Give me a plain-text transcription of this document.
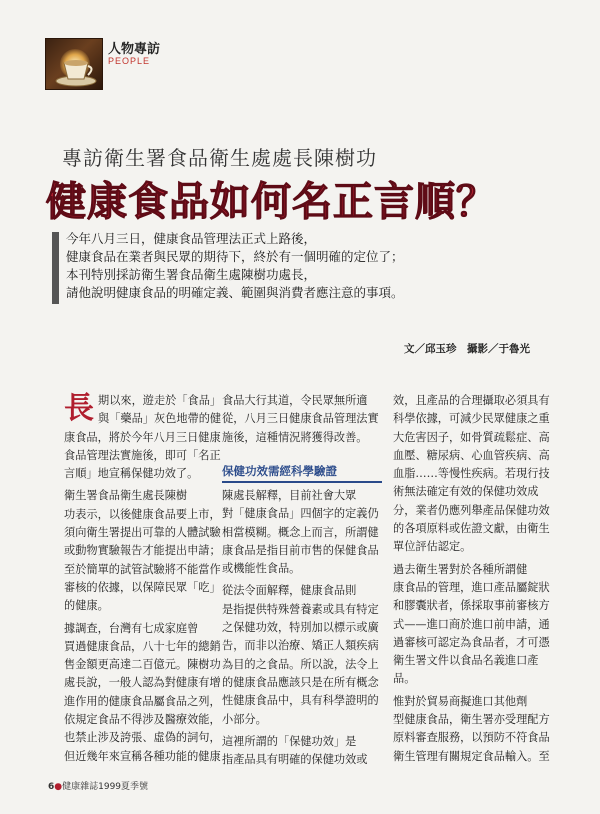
人物專訪
PEOPLE
專訪衛生署食品衛生處處長陳樹功
健康食品如何名正言順？
今年八月三日，健康食品管理法正式上路後，
健康食品在業者與民眾的期待下，終於有一個明確的定位了；
本刊特別採訪衛生署食品衛生處陳樹功處長，
請他說明健康食品的明確定義、範圍與消費者應注意的事項。
文／邱玉珍　攝影／于魯光
長 期以來，遊走於「食品」
與「藥品」灰色地帶的健
康食品，將於今年八月三日健康
食品管理法實施後，即可「名正
言順」地宣稱保健功效了。
衛生署食品衛生處長陳樹
功表示，以後健康食品要上市，
須向衛生署提出可靠的人體試驗
或動物實驗報告才能提出申請；
至於簡單的試管試驗將不能當作
審核的依據，以保障民眾「吃」
的健康。
據調查，台灣有七成家庭曾
買過健康食品，八十七年的總銷
售金額更高達二百億元。陳樹功
處長說，一般人認為對健康有增
進作用的健康食品屬食品之列，
依規定食品不得涉及醫療效能，
也禁止涉及誇張、虛偽的詞句，
但近幾年來宣稱各種功能的健康
食品大行其道，令民眾無所適
從，八月三日健康食品管理法實
施後，這種情況將獲得改善。
保健功效需經科學驗證
陳處長解釋，目前社會大眾
對「健康食品」四個字的定義仍
相當模糊。概念上而言，所謂健
康食品是指目前市售的保健食品
或機能性食品。
從法令面解釋，健康食品則
是指提供特殊營養素或具有特定
之保健功效，特別加以標示或廣
告，而非以治療、矯正人類疾病
為目的之食品。所以說，法令上
的健康食品應該只是在所有概念
性健康食品中，具有科學證明的
小部分。
這裡所謂的「保健功效」是
指產品具有明確的保健功效或
效，且產品的合理攝取必須具有
科學依據，可減少民眾健康之重
大危害因子，如骨質疏鬆症、高
血壓、糖尿病、心血管疾病、高
血脂……等慢性疾病。若現行技
術無法確定有效的保健功效成
分，業者仍應列舉產品保健功效
的各項原料或佐證文獻，由衛生
單位評估認定。
過去衛生署對於各種所謂健
康食品的管理，進口產品屬錠狀
和膠囊狀者，係採取事前審核方
式——進口商於進口前申請，通
過審核可認定為食品者，才可憑
衛生署文件以食品名義進口產
品。
惟對於貿易商擬進口其他劑
型健康食品，衛生署亦受理配方
原料審查服務，以預防不符食品
衛生管理有關規定食品輸入。至
6●健康雜誌1999夏季號
